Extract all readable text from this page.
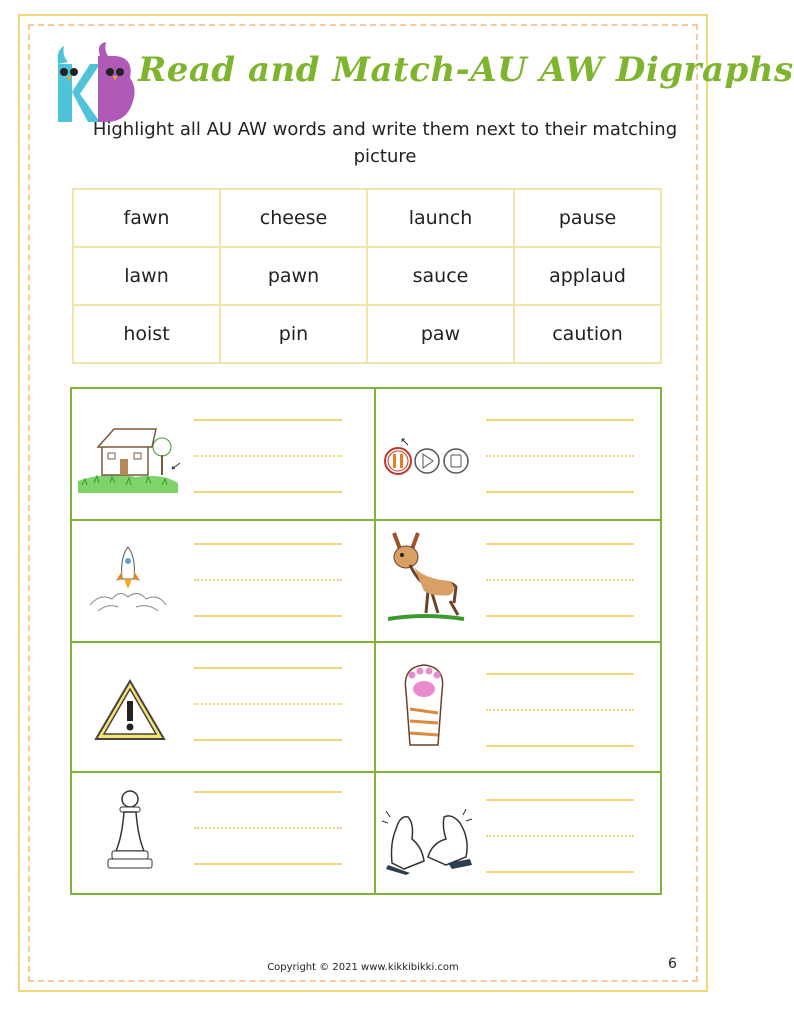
Read and Match-AU AW Digraphs
Highlight all AU AW words and write them next to their matching picture
fawn	cheese	launch	pause
lawn	pawn	sauce	applaud
hoist	pin	paw	caution
Copyright © 2021 www.kikkibikki.com	6
